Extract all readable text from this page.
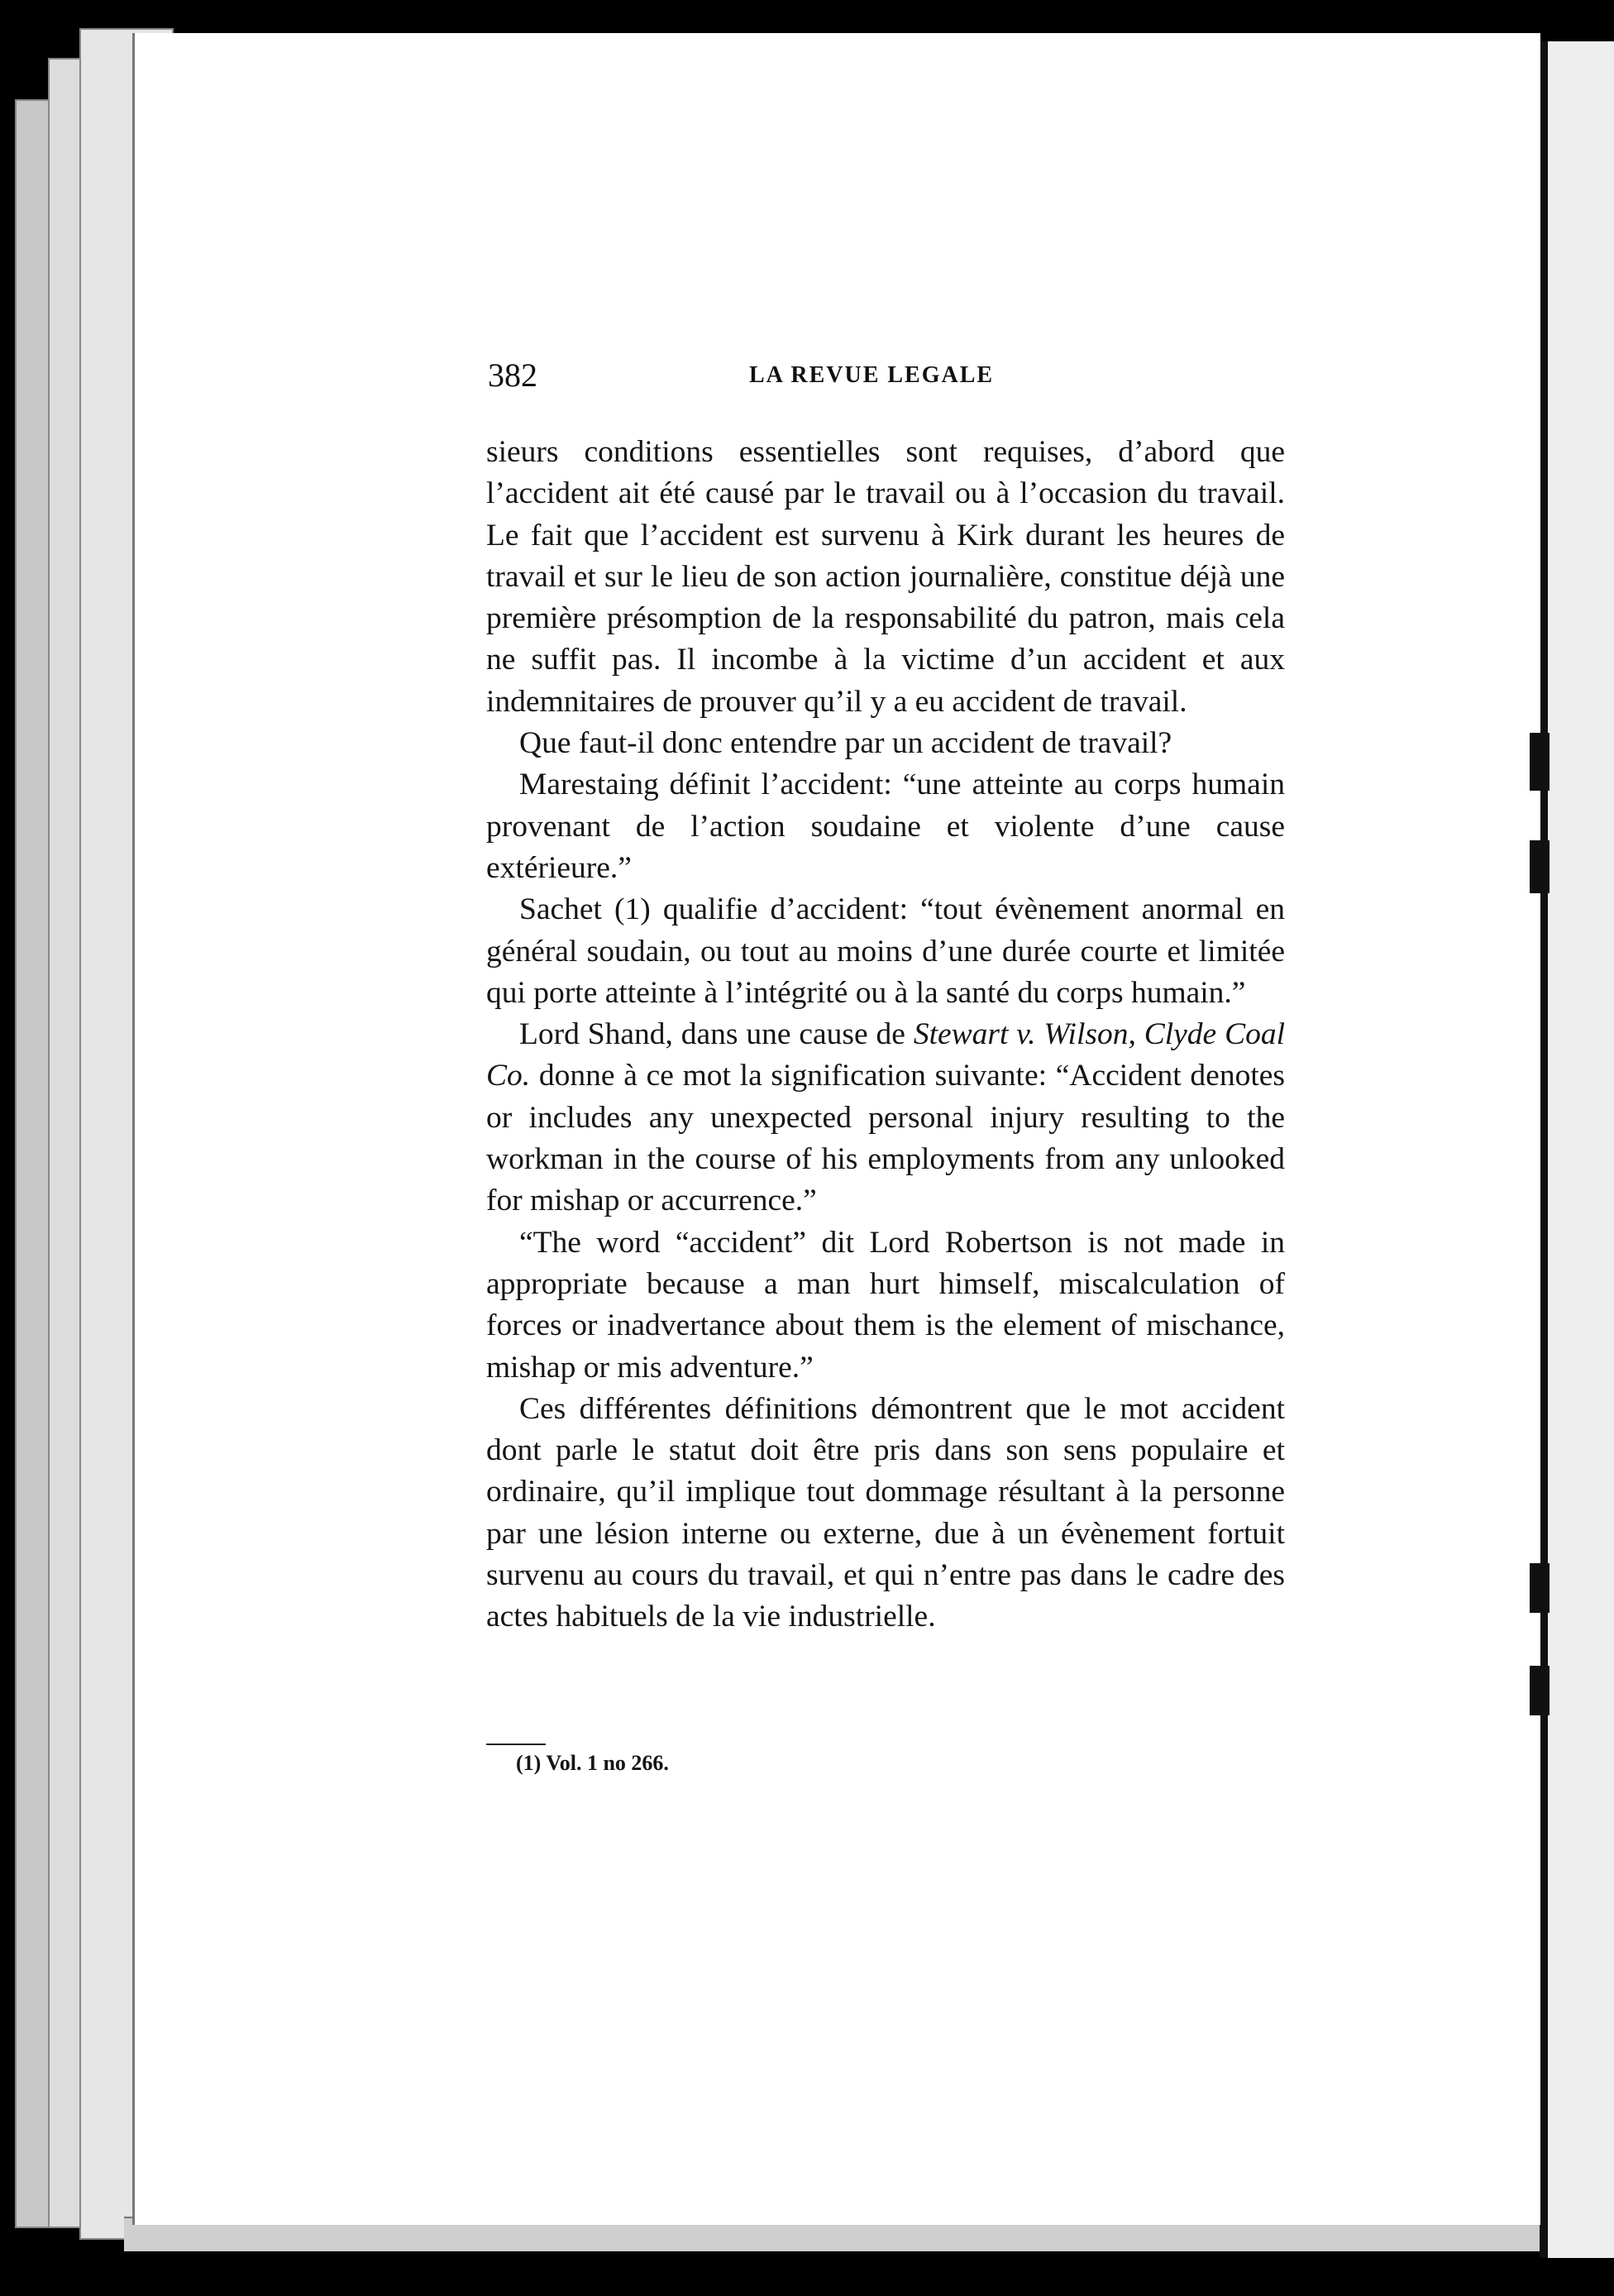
382	LA REVUE LEGALE

sieurs conditions essentielles sont requises, d’abord que l’accident ait été causé par le travail ou à l’occasion du travail. Le fait que l’accident est survenu à Kirk durant les heures de travail et sur le lieu de son action journalière, constitue déjà une première présomption de la responsabilité du patron, mais cela ne suffit pas. Il incombe à la victime d’un accident et aux indemnitaires de prouver qu’il y a eu accident de travail.

Que faut-il donc entendre par un accident de travail?

Marestaing définit l’accident: “une atteinte au corps humain provenant de l’action soudaine et violente d’une cause extérieure.”

Sachet (1) qualifie d’accident: “tout évènement anormal en général soudain, ou tout au moins d’une durée courte et limitée qui porte atteinte à l’intégrité ou à la santé du corps humain.”

Lord Shand, dans une cause de Stewart v. Wilson, Clyde Coal Co. donne à ce mot la signification suivante: “Accident denotes or includes any unexpected personal injury resulting to the workman in the course of his employments from any unlooked for mishap or accurrence.”

“The word “accident” dit Lord Robertson is not made in appropriate because a man hurt himself, miscalculation of forces or inadvertance about them is the element of mischance, mishap or mis adventure.”

Ces différentes définitions démontrent que le mot accident dont parle le statut doit être pris dans son sens populaire et ordinaire, qu’il implique tout dommage résultant à la personne par une lésion interne ou externe, due à un évènement fortuit survenu au cours du travail, et qui n’entre pas dans le cadre des actes habituels de la vie industrielle.

(1) Vol. 1 no 266.
